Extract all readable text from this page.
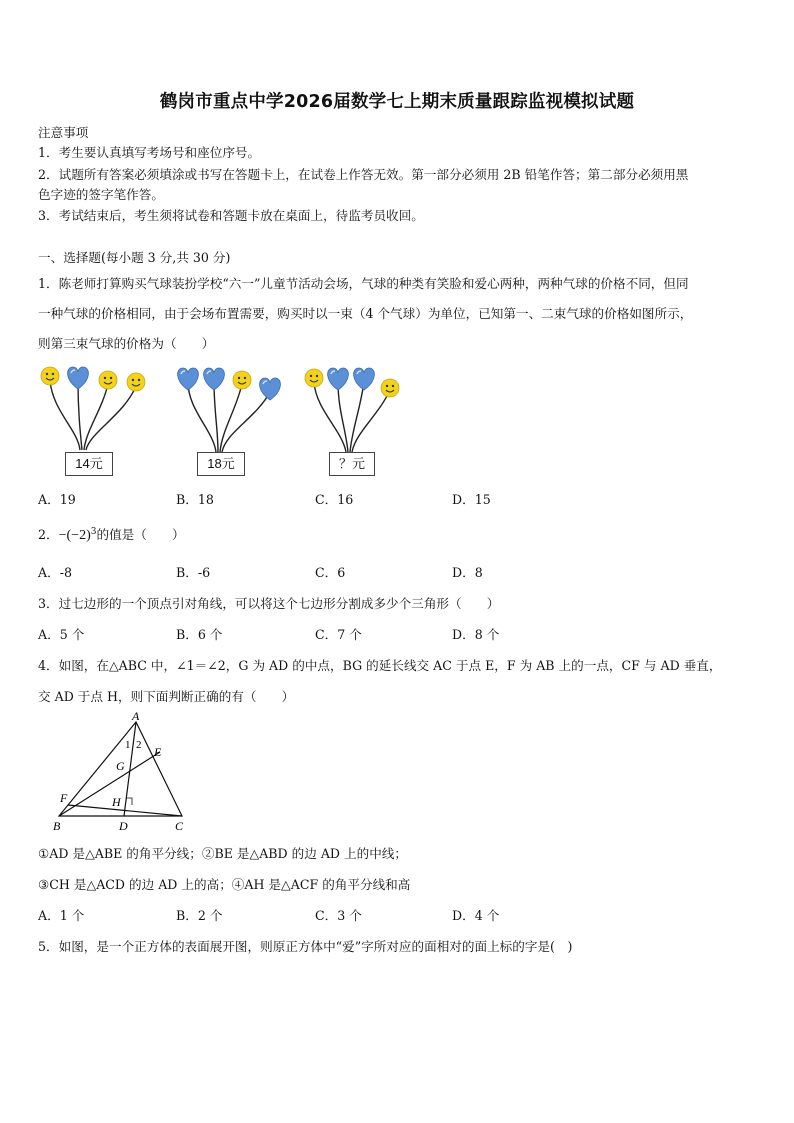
鹤岗市重点中学2026届数学七上期末质量跟踪监视模拟试题
注意事项
1．考生要认真填写考场号和座位序号。
2．试题所有答案必须填涂或书写在答题卡上，在试卷上作答无效。第一部分必须用 2B 铅笔作答；第二部分必须用黑
色字迹的签字笔作答。
3．考试结束后，考生须将试卷和答题卡放在桌面上，待监考员收回。
一、选择题(每小题 3 分,共 30 分)
1．陈老师打算购买气球装扮学校“六一”儿童节活动会场，气球的种类有笑脸和爱心两种，两种气球的价格不同，但同
一种气球的价格相同，由于会场布置需要，购买时以一束（4 个气球）为单位，已知第一、二束气球的价格如图所示，
则第三束气球的价格为（　　）
14元	18元	？元
A．19	B．18	C．16	D．15
2．$-(-2)^3$的值是（　　）
A．-8	B．-6	C．6	D．8
3．过七边形的一个顶点引对角线，可以将这个七边形分割成多少个三角形（　　）
A．5 个	B．6 个	C．7 个	D．8 个
4．如图，在△ABC 中，∠1＝∠2，G 为 AD 的中点，BG 的延长线交 AC 于点 E，F 为 AB 上的一点，CF 与 AD 垂直，
交 AD 于点 H，则下面判断正确的有（　　）
A
1 2 E
G
F	H
B	D	C
①AD 是△ABE 的角平分线；②BE 是△ABD 的边 AD 上的中线；
③CH 是△ACD 的边 AD 上的高；④AH 是△ACF 的角平分线和高
A．1 个	B．2 个	C．3 个	D．4 个
5．如图，是一个正方体的表面展开图，则原正方体中“爱”字所对应的面相对的面上标的字是(　)
